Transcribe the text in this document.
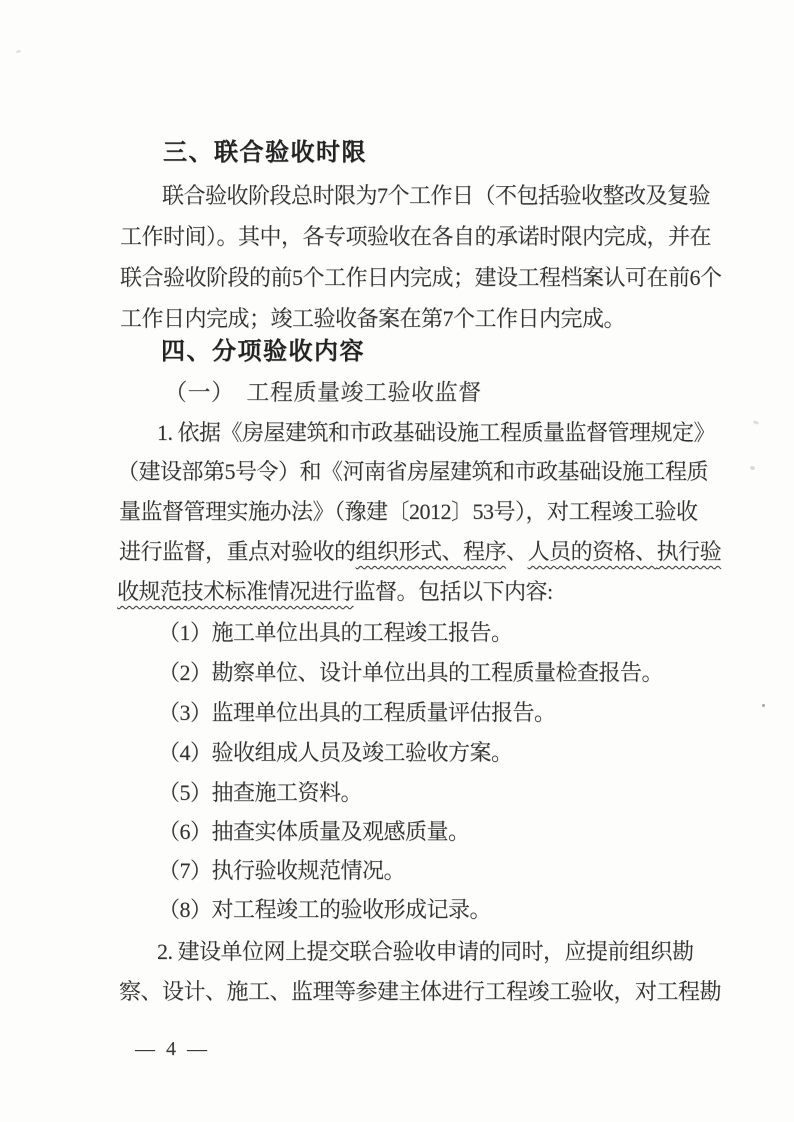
三、联合验收时限
联合验收阶段总时限为7个工作日（不包括验收整改及复验
工作时间）。其中，各专项验收在各自的承诺时限内完成，并在
联合验收阶段的前5个工作日内完成；建设工程档案认可在前6个
工作日内完成；竣工验收备案在第7个工作日内完成。
四、分项验收内容
（一）　工程质量竣工验收监督
1. 依据《房屋建筑和市政基础设施工程质量监督管理规定》
（建设部第5号令）和《河南省房屋建筑和市政基础设施工程质
量监督管理实施办法》（豫建〔2012〕53号），对工程竣工验收
进行监督，重点对验收的组织形式、程序、人员的资格、执行验
收规范技术标准情况进行监督。包括以下内容:
（1）施工单位出具的工程竣工报告。
（2）勘察单位、设计单位出具的工程质量检查报告。
（3）监理单位出具的工程质量评估报告。
（4）验收组成人员及竣工验收方案。
（5）抽查施工资料。
（6）抽查实体质量及观感质量。
（7）执行验收规范情况。
（8）对工程竣工的验收形成记录。
2. 建设单位网上提交联合验收申请的同时，应提前组织勘
察、设计、施工、监理等参建主体进行工程竣工验收，对工程勘
— 4 —
